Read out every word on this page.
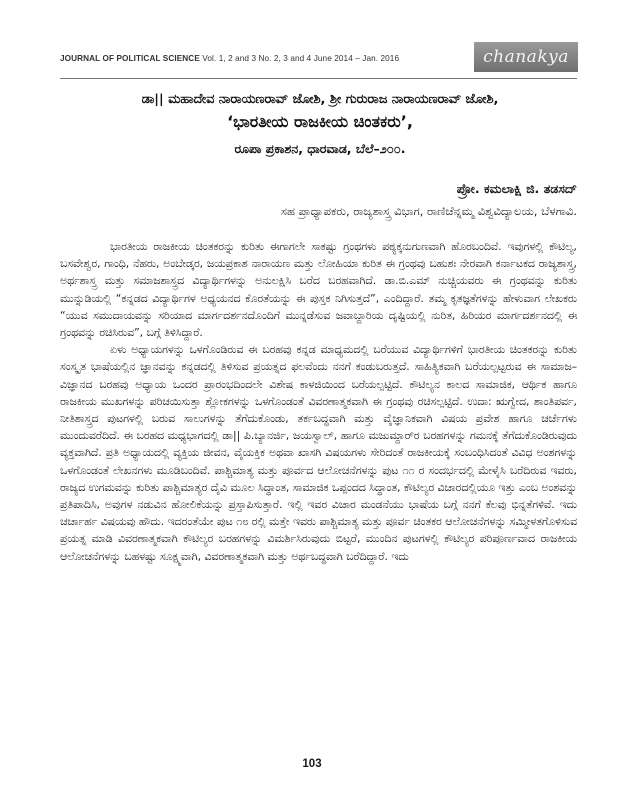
JOURNAL OF POLITICAL SCIENCE Vol. 1, 2 and 3 No. 2, 3 and 4 June 2014 – Jan. 2016	chanakya
ಡಾ|| ಮಹಾದೇವ ನಾರಾಯಣರಾವ್ ಜೋಶಿ, ಶ್ರೀ ಗುರುರಾಜ ನಾರಾಯಣರಾವ್ ಜೋಶಿ,
‘ಭಾರತೀಯ ರಾಜಕೀಯ ಚಿಂತಕರು’,
ರೂಪಾ ಪ್ರಕಾಶನ, ಧಾರವಾಡ, ಬೆಲೆ–೨೦೦.
ಪ್ರೋ. ಕಮಲಾಕ್ಷಿ ಜಿ. ತಡಸದ್
ಸಹ ಪ್ರಾಧ್ಯಾಪಕರು, ರಾಜ್ಯಶಾಸ್ತ್ರ ವಿಭಾಗ, ರಾಣಿಚೆನ್ನಮ್ಮ ವಿಶ್ವವಿದ್ಯಾಲಯ, ಬೆಳಗಾವಿ.

ಭಾರತೀಯ ರಾಜಕೀಯ ಚಿಂತಕರನ್ನು ಕುರಿತು ಈಗಾಗಲೇ ಸಾಕಷ್ಟು ಗ್ರಂಥಗಳು ಪಠ್ಯಕ್ಕನುಗುಣವಾಗಿ ಹೊರಬಂದಿವೆ. ಇವುಗಳಲ್ಲಿ ಕೌಟಿಲ್ಯ, ಬಸವೇಶ್ವರ, ಗಾಂಧಿ, ನೆಹರು, ಅಂಬೇಡ್ಕರ, ಜಯಪ್ರಕಾಶ ನಾರಾಯಣ ಮತ್ತು ಲೋಹಿಯಾ ಕುರಿತ ಈ ಗ್ರಂಥವು ಬಹುಶಃ ನೇರವಾಗಿ ಕರ್ನಾಟಕದ ರಾಜ್ಯಶಾಸ್ತ್ರ, ಅರ್ಥಶಾಸ್ತ್ರ ಮತ್ತು ಸಮಾಜಶಾಸ್ತ್ರದ ವಿದ್ಯಾರ್ಥಿಗಳನ್ನು ಅನುಲಕ್ಷಿಸಿ ಬರೆದ ಬರಹವಾಗಿದೆ. ಡಾ.ಬಿ.ಎಮ್ ನುಚ್ಚಿಯವರು ಈ ಗ್ರಂಥವನ್ನು ಕುರಿತು ಮುನ್ನುಡಿಯಲ್ಲಿ “ಕನ್ನಡದ ವಿದ್ಯಾರ್ಥಿಗಳ ಅಧ್ಯಯನದ ಕೊರತೆಯನ್ನು ಈ ಪುಸ್ತಕ ನಿಗಿಸುತ್ತದೆ”, ಎಂದಿದ್ದಾರೆ. ತಮ್ಮ ಕೃತಜ್ಞತೆಗಳನ್ನು ಹೇಳುವಾಗ ಲೇಖಕರು “ಯುವ ಸಮುದಾಯವನ್ನು ಸರಿಯಾದ ಮಾರ್ಗದರ್ಶನದೊಂದಿಗೆ ಮುನ್ನಡೆಸುವ ಜವಾಬ್ದಾರಿಯ ದೃಷ್ಟಿಯಲ್ಲಿ ನುರಿತ, ಹಿರಿಯರ ಮಾರ್ಗದರ್ಶನದಲ್ಲಿ ಈ ಗ್ರಂಥವನ್ನು ರಚಿಸಿರುವ”, ಬಗ್ಗೆ ತಿಳಿಸಿದ್ದಾರೆ.

ಏಳು ಅಧ್ಯಾಯಗಳನ್ನು ಒಳಗೊಂಡಿರುವ ಈ ಬರಹವು ಕನ್ನಡ ಮಾಧ್ಯಮದಲ್ಲಿ ಬರೆಯುವ ವಿದ್ಯಾರ್ಥಿಗಳಿಗೆ ಭಾರತೀಯ ಚಿಂತಕರನ್ನು ಕುರಿತು ಸಂಸ್ಕೃತ ಭಾಷೆಯಲ್ಲಿನ ಜ್ಞಾನವನ್ನು ಕನ್ನಡದಲ್ಲಿ ತಿಳಿಸುವ ಪ್ರಯತ್ನದ ಫಲವೆಂದು ನನಗೆ ಕಂಡುಬರುತ್ತದೆ. ಸಾಹಿತ್ಯಿಕವಾಗಿ ಬರೆಯಲ್ಪಟ್ಟರುವ ಈ ಸಾಮಾಜ–ವಿಜ್ಞಾನದ ಬರಹವು ಅಧ್ಯಾಯ ಒಂದರ ಪ್ರಾರಂಭದಿಂದಲೇ ವಿಶೇಷ ಕಾಳಜಿಯಿಂದ ಬರೆಯಲ್ಪಟ್ಟಿದೆ. ಕೌಟಿಲ್ಯನ ಕಾಲದ ಸಾಮಾಜಿಕ, ಆರ್ಥಿಕ ಹಾಗೂ ರಾಜಕೀಯ ಮುಖಗಳನ್ನು ಪರಿಚಯಿಸುತ್ತಾ ಶ್ಲೋಕಗಳನ್ನು ಒಳಗೊಂಡಂತೆ ವಿವರಣಾತ್ಮಕವಾಗಿ ಈ ಗ್ರಂಥವು ರಚಿಸಲ್ಪಟ್ಟಿದೆ. ಉದಾ: ಋಗ್ವೇದ, ಶಾಂತಿಪರ್ವ, ನೀತಿಶಾಸ್ತ್ರದ ಪುಟಗಳಲ್ಲಿ ಬರುವ ಸಾಲುಗಳನ್ನು ತೆಗೆದುಕೊಂಡು, ತರ್ಕಬದ್ಧವಾಗಿ ಮತ್ತು ವೈಜ್ಞಾನಿಕವಾಗಿ ವಿಷಯ ಪ್ರವೇಶ ಹಾಗೂ ಚರ್ಚೆಗಳು ಮುಂದುವರೆದಿದೆ. ಈ ಬರಹದ ಮಧ್ಯಭಾಗದಲ್ಲಿ ಡಾ|| ಪಿ.ಬ್ಯಾನರ್ಜಿ, ಜಯಸ್ವಾಲ್, ಹಾಗೂ ಮಜುಮ್ದಾರ್‌ರ ಬರಹಗಳನ್ನು ಗಮನಕ್ಕೆ ತೆಗೆದುಕೊಂಡಿರುವುದು ವ್ಯಕ್ತವಾಗಿದೆ. ಪ್ರತಿ ಅಧ್ಯಾಯದಲ್ಲಿ ವ್ಯಕ್ತಿಯ ಜೀವನ, ವೈಯಕ್ತಿಕ ಅಥವಾ ಖಾಸಗಿ ವಿಷಯಗಳು ಸೇರಿದಂತೆ ರಾಜಕೀಯಕ್ಕೆ ಸಂಬಂಧಿಸಿದಂತೆ ವಿವಿಧ ಅಂಶಗಳನ್ನು ಒಳಗೊಂಡಂತೆ ಲೇಖನಗಳು ಮೂಡಿಬಂದಿವೆ. ಪಾಶ್ಚಿಮಾತ್ಯ ಮತ್ತು ಪೂರ್ವದ ಆಲೋಚನೆಗಳನ್ನು ಪುಟ ೧೧ ರ ಸಂದರ್ಭದಲ್ಲಿ ಮೇಳೈಸಿ ಬರೆದಿರುವ ಇವರು, ರಾಜ್ಯದ ಉಗಮವನ್ನು ಕುರಿತು ಪಾಶ್ಚಿಮಾತ್ಯರ ದೈವಿ ಮೂಲ ಸಿದ್ಧಾಂತ, ಸಾಮಾಜಿಕ ಒಪ್ಪಂದದ ಸಿದ್ಧಾಂತ, ಕೌಟಿಲ್ಯರ ವಿಚಾರದಲ್ಲಿಯೂ ಇತ್ತು ಎಂಬ ಅಂಶವನ್ನು ಪ್ರತಿಪಾದಿಸಿ, ಅವುಗಳ ನಡುವಿನ ಹೋಲಿಕೆಯನ್ನು ಪ್ರಸ್ತಾಪಿಸುತ್ತಾರೆ. ಇಲ್ಲಿ ಇವರ ವಿಚಾರ ಮಂಡನೆಯು ಭಾಷೆಯ ಬಗ್ಗೆ ನನಗೆ ಕೆಲವು ಭಿನ್ನತೆಗಳಿವೆ. ಇದು ಚರ್ಚಾರ್ಹ ವಿಷಯವು ಹೌದು. ಇದರಂತೆಯೇ ಪುಟ ೧೮ ರಲ್ಲಿ ಮತ್ತೇ ಇವರು ಪಾಶ್ಚಿಮಾತ್ಯ ಮತ್ತು ಪೂರ್ವ ಚಿಂತಕರ ಆಲೋಚನೆಗಳನ್ನು ಸಮ್ಮೀಳತಗೊಳಿಸುವ ಪ್ರಯತ್ನ ಮಾಡಿ ವಿವರಣಾತ್ಮಕವಾಗಿ ಕೌಟಿಲ್ಯರ ಬರಹಗಳನ್ನು ವಿಮರ್ಶಿಸಿರುವುದು ಬಿಟ್ಟರೆ, ಮುಂದಿನ ಪುಟಗಳಲ್ಲಿ ಕೌಟಿಲ್ಯರ ಪರಿಪೂರ್ಣವಾದ ರಾಜಕೀಯ ಆಲೋಚನೆಗಳನ್ನು ಬಹಳಷ್ಟು ಸೂಕ್ಷ್ಮವಾಗಿ, ವಿವರಣಾತ್ಮಕವಾಗಿ ಮತ್ತು ಅರ್ಥಬದ್ಧವಾಗಿ ಬರೆದಿದ್ದಾರೆ. ಇದು

103
